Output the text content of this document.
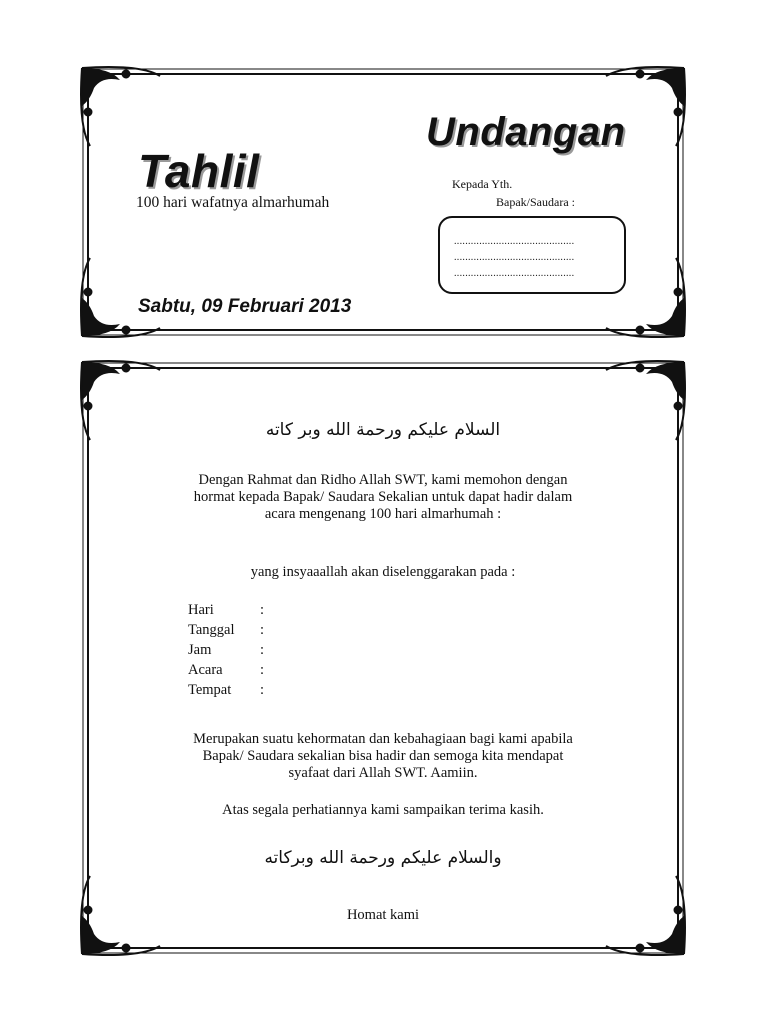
Undangan
Tahlil
100 hari wafatnya almarhumah
Kepada Yth.
Bapak/Saudara :
...........................................
...........................................
...........................................
Sabtu, 09 Februari 2013
السلام عليكم ورحمة الله وبر كاته
Dengan Rahmat dan Ridho Allah SWT, kami memohon dengan
hormat kepada Bapak/ Saudara Sekalian untuk dapat hadir dalam
acara mengenang 100 hari almarhumah :
yang insyaaallah akan diselenggarakan pada :
Hari	:
Tanggal	:
Jam	:
Acara	:
Tempat	:
Merupakan suatu kehormatan dan kebahagiaan bagi kami apabila
Bapak/ Saudara sekalian bisa hadir dan semoga kita mendapat
syafaat dari Allah SWT. Aamiin.
Atas segala perhatiannya kami sampaikan terima kasih.
والسلام عليكم ورحمة الله وبركاته
Homat kami
